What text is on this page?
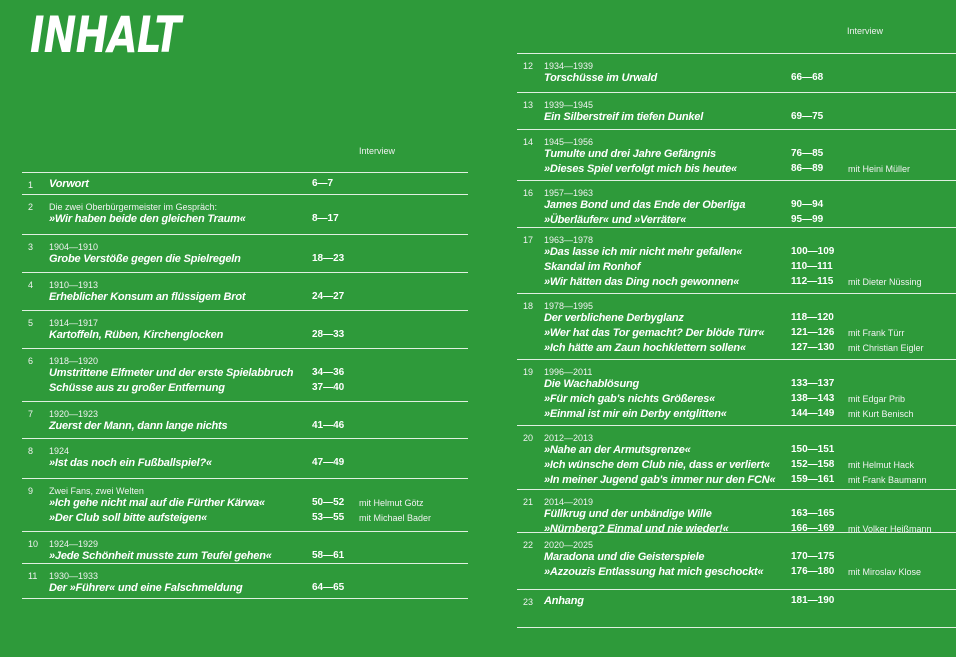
INHALT
Interview
Interview
1 Vorwort	6—7
2 Die zwei Oberbürgermeister im Gespräch:
»Wir haben beide den gleichen Traum«	8—17
3 1904—1910
Grobe Verstöße gegen die Spielregeln	18—23
4 1910—1913
Erheblicher Konsum an flüssigem Brot	24—27
5 1914—1917
Kartoffeln, Rüben, Kirchenglocken	28—33
6 1918—1920
Umstrittene Elfmeter und der erste Spielabbruch 34—36
Schüsse aus zu großer Entfernung	37—40
7 1920—1923
Zuerst der Mann, dann lange nichts	41—46
8 1924
»Ist das noch ein Fußballspiel?«	47—49
9 Zwei Fans, zwei Welten
»Ich gehe nicht mal auf die Fürther Kärwa«	50—52 mit Helmut Götz
»Der Club soll bitte aufsteigen«	53—55 mit Michael Bader
10 1924—1929
»Jede Schönheit musste zum Teufel gehen«	58—61
11 1930—1933
Der »Führer« und eine Falschmeldung	64—65
12 1934—1939
Torschüsse im Urwald	66—68
13 1939—1945
Ein Silberstreif im tiefen Dunkel	69—75
14 1945—1956
Tumulte und drei Jahre Gefängnis	76—85
»Dieses Spiel verfolgt mich bis heute«	86—89	mit Heini Müller
16 1957—1963
James Bond und das Ende der Oberliga	90—94
»Überläufer« und »Verräter«	95—99
17 1963—1978
»Das lasse ich mir nicht mehr gefallen«	100—109
Skandal im Ronhof	110—111
»Wir hätten das Ding noch gewonnen«	112—115 mit Dieter Nüssing
18 1978—1995
Der verblichene Derbyglanz	118—120
»Wer hat das Tor gemacht? Der blöde Türr«	121—126 mit Frank Türr
»Ich hätte am Zaun hochklettern sollen«	127—130 mit Christian Eigler
19 1996—2011
Die Wachablösung	133—137
»Für mich gab's nichts Größeres«	138—143 mit Edgar Prib
»Einmal ist mir ein Derby entglitten«	144—149 mit Kurt Benisch
20 2012—2013
»Nahe an der Armutsgrenze«	150—151
»Ich wünsche dem Club nie, dass er verliert« 152—158 mit Helmut Hack
»In meiner Jugend gab's immer nur den FCN« 159—161 mit Frank Baumann
21 2014—2019
Füllkrug und der unbändige Wille	163—165
»Nürnberg? Einmal und nie wieder!«	166—169 mit Volker Heißmann
22 2020—2025
Maradona und die Geisterspiele	170—175
»Azzouzis Entlassung hat mich geschockt«	176—180 mit Miroslav Klose
23 Anhang	181—190
